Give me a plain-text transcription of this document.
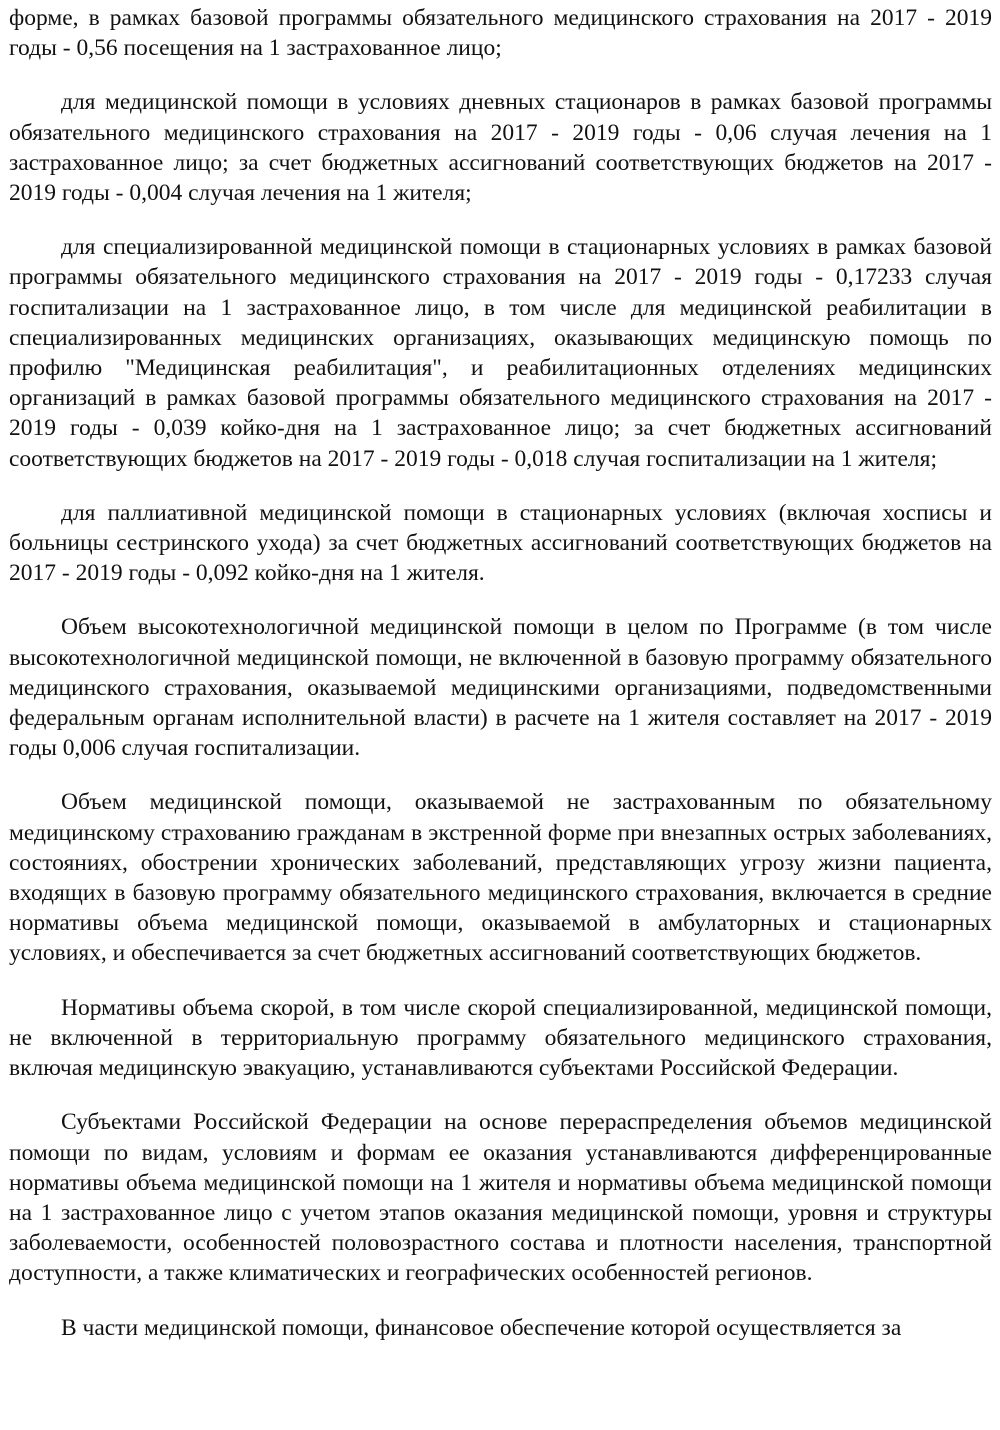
форме, в рамках базовой программы обязательного медицинского страхования на 2017 - 2019 годы - 0,56 посещения на 1 застрахованное лицо;

для медицинской помощи в условиях дневных стационаров в рамках базовой программы обязательного медицинского страхования на 2017 - 2019 годы - 0,06 случая лечения на 1 застрахованное лицо; за счет бюджетных ассигнований соответствующих бюджетов на 2017 - 2019 годы - 0,004 случая лечения на 1 жителя;

для специализированной медицинской помощи в стационарных условиях в рамках базовой программы обязательного медицинского страхования на 2017 - 2019 годы - 0,17233 случая госпитализации на 1 застрахованное лицо, в том числе для медицинской реабилитации в специализированных медицинских организациях, оказывающих медицинскую помощь по профилю "Медицинская реабилитация", и реабилитационных отделениях медицинских организаций в рамках базовой программы обязательного медицинского страхования на 2017 - 2019 годы - 0,039 койко-дня на 1 застрахованное лицо; за счет бюджетных ассигнований соответствующих бюджетов на 2017 - 2019 годы - 0,018 случая госпитализации на 1 жителя;

для паллиативной медицинской помощи в стационарных условиях (включая хосписы и больницы сестринского ухода) за счет бюджетных ассигнований соответствующих бюджетов на 2017 - 2019 годы - 0,092 койко-дня на 1 жителя.

Объем высокотехнологичной медицинской помощи в целом по Программе (в том числе высокотехнологичной медицинской помощи, не включенной в базовую программу обязательного медицинского страхования, оказываемой медицинскими организациями, подведомственными федеральным органам исполнительной власти) в расчете на 1 жителя составляет на 2017 - 2019 годы 0,006 случая госпитализации.

Объем медицинской помощи, оказываемой не застрахованным по обязательному медицинскому страхованию гражданам в экстренной форме при внезапных острых заболеваниях, состояниях, обострении хронических заболеваний, представляющих угрозу жизни пациента, входящих в базовую программу обязательного медицинского страхования, включается в средние нормативы объема медицинской помощи, оказываемой в амбулаторных и стационарных условиях, и обеспечивается за счет бюджетных ассигнований соответствующих бюджетов.

Нормативы объема скорой, в том числе скорой специализированной, медицинской помощи, не включенной в территориальную программу обязательного медицинского страхования, включая медицинскую эвакуацию, устанавливаются субъектами Российской Федерации.

Субъектами Российской Федерации на основе перераспределения объемов медицинской помощи по видам, условиям и формам ее оказания устанавливаются дифференцированные нормативы объема медицинской помощи на 1 жителя и нормативы объема медицинской помощи на 1 застрахованное лицо с учетом этапов оказания медицинской помощи, уровня и структуры заболеваемости, особенностей половозрастного состава и плотности населения, транспортной доступности, а также климатических и географических особенностей регионов.

В части медицинской помощи, финансовое обеспечение которой осуществляется за
